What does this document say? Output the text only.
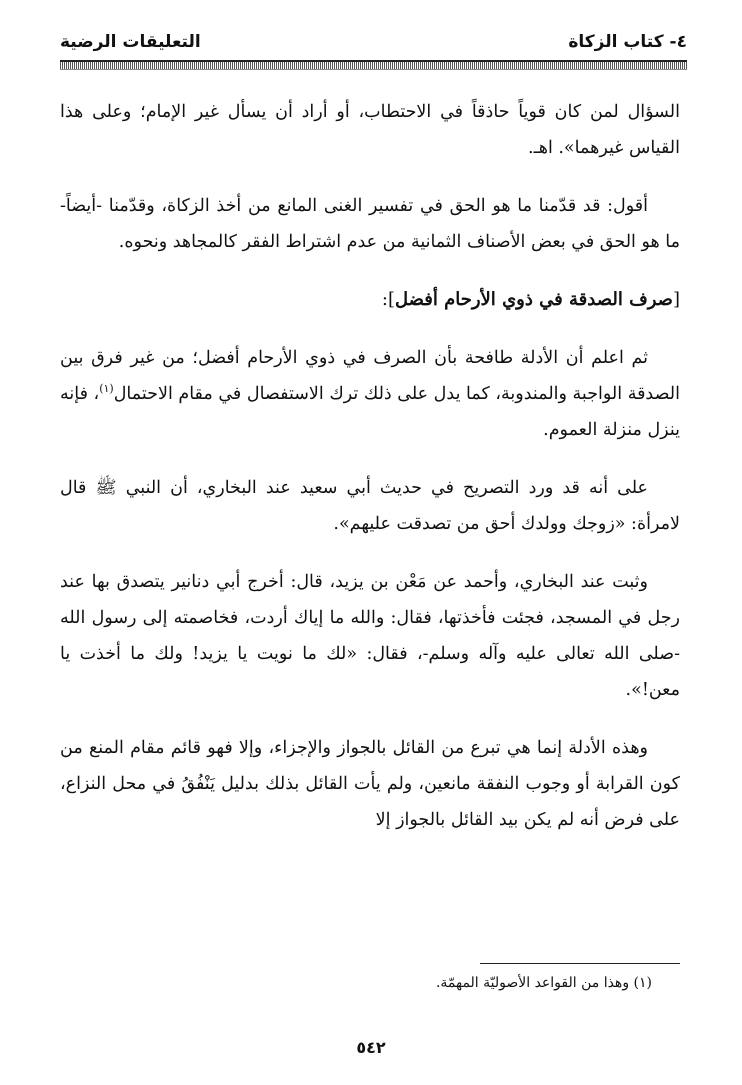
٤- كتاب الزكاة
التعليقات الرضية

السؤال لمن كان قوياً حاذقاً في الاحتطاب، أو أراد أن يسأل غير الإمام؛ وعلى هذا القياس غيرهما». اهـ.

أقول: قد قدّمنا ما هو الحق في تفسير الغنى المانع من أخذ الزكاة، وقدّمنا -أيضاً- ما هو الحق في بعض الأصناف الثمانية من عدم اشتراط الفقر كالمجاهد ونحوه.

[صرف الصدقة في ذوي الأرحام أفضل]:

ثم اعلم أن الأدلة طافحة بأن الصرف في ذوي الأرحام أفضل؛ من غير فرق بين الصدقة الواجبة والمندوبة، كما يدل على ذلك ترك الاستفصال في مقام الاحتمال$^{(١)}$، فإنه ينزل منزلة العموم.

على أنه قد ورد التصريح في حديث أبي سعيد عند البخاري، أن النبي ﷺ قال لامرأة: «زوجك وولدك أحق من تصدقت عليهم».

وثبت عند البخاري، وأحمد عن مَعْن بن يزيد، قال: أخرج أبي دنانير يتصدق بها عند رجل في المسجد، فجئت فأخذتها، فقال: والله ما إياك أردت، فخاصمته إلى رسول الله -صلى الله تعالى عليه وآله وسلم-، فقال: «لك ما نويت يا يزيد! ولك ما أخذت يا معن!».

وهذه الأدلة إنما هي تبرع من القائل بالجواز والإجزاء، وإلا فهو قائم مقام المنع من كون القرابة أو وجوب النفقة مانعين، ولم يأت القائل بذلك بدليل يَنْفُقُ في محل النزاع، على فرض أنه لم يكن بيد القائل بالجواز إلا

(١) وهذا من القواعد الأصوليّة المهمّة.
٥٤٢
